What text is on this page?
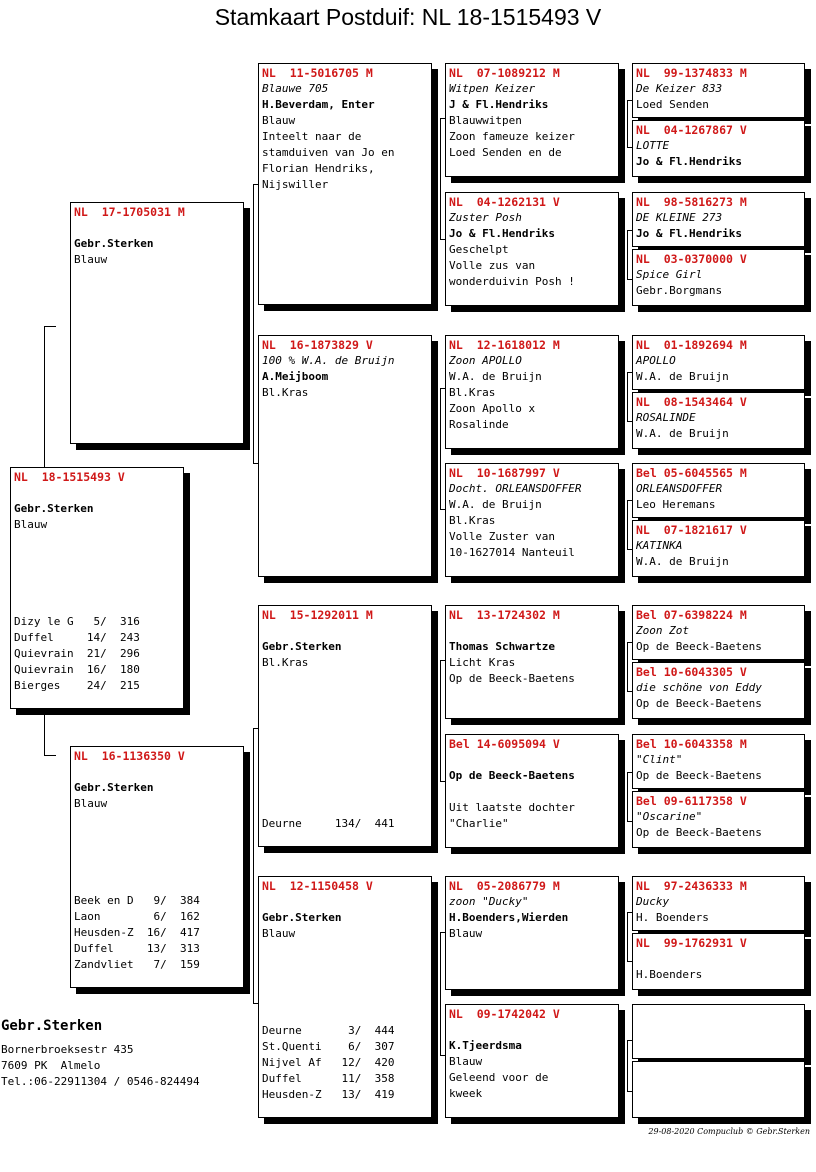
Stamkaart Postduif: NL 18-1515493 V
NL  18-1515493 V
Gebr.Sterken
Blauw
Dizy le G   5/  316
Duffel     14/  243
Quievrain  21/  296
Quievrain  16/  180
Bierges    24/  215
NL  17-1705031 M
Gebr.Sterken
Blauw
NL  16-1136350 V
Gebr.Sterken
Blauw
Beek en D   9/  384
Laon        6/  162
Heusden-Z  16/  417
Duffel     13/  313
Zandvliet   7/  159
NL  11-5016705 M
Blauwe 705
H.Beverdam, Enter
Blauw
Inteelt naar de
stamduiven van Jo en
Florian Hendriks,
Nijswiller
NL  16-1873829 V
100 % W.A. de Bruijn
A.Meijboom
Bl.Kras
NL  15-1292011 M
Gebr.Sterken
Bl.Kras
Deurne     134/  441
NL  12-1150458 V
Gebr.Sterken
Blauw
Deurne       3/  444
St.Quenti    6/  307
Nijvel Af   12/  420
Duffel      11/  358
Heusden-Z   13/  419
NL  07-1089212 M
Witpen Keizer
J & Fl.Hendriks
Blauwwitpen
Zoon fameuze keizer
Loed Senden en de
NL  04-1262131 V
Zuster Posh
Jo & Fl.Hendriks
Geschelpt
Volle zus van
wonderduivin Posh !
NL  12-1618012 M
Zoon APOLLO
W.A. de Bruijn
Bl.Kras
Zoon Apollo x
Rosalinde
NL  10-1687997 V
Docht. ORLEANSDOFFER
W.A. de Bruijn
Bl.Kras
Volle Zuster van
10-1627014 Nanteuil
NL  13-1724302 M
Thomas Schwartze
Licht Kras
Op de Beeck-Baetens
Bel 14-6095094 V
Op de Beeck-Baetens
Uit laatste dochter
"Charlie"
NL  05-2086779 M
zoon "Ducky"
H.Boenders,Wierden
Blauw
NL  09-1742042 V
K.Tjeerdsma
Blauw
Geleend voor de
kweek
NL  99-1374833 M
De Keizer 833
Loed Senden
NL  04-1267867 V
LOTTE
Jo & Fl.Hendriks
NL  98-5816273 M
DE KLEINE 273
Jo & Fl.Hendriks
NL  03-0370000 V
Spice Girl
Gebr.Borgmans
NL  01-1892694 M
APOLLO
W.A. de Bruijn
NL  08-1543464 V
ROSALINDE
W.A. de Bruijn
Bel 05-6045565 M
ORLEANSDOFFER
Leo Heremans
NL  07-1821617 V
KATINKA
W.A. de Bruijn
Bel 07-6398224 M
Zoon Zot
Op de Beeck-Baetens
Bel 10-6043305 V
die schöne von Eddy
Op de Beeck-Baetens
Bel 10-6043358 M
"Clint"
Op de Beeck-Baetens
Bel 09-6117358 V
"Oscarine"
Op de Beeck-Baetens
NL  97-2436333 M
Ducky
H. Boenders
NL  99-1762931 V
H.Boenders
Gebr.Sterken
Bornerbroeksestr 435
7609 PK  Almelo
Tel.:06-22911304 / 0546-824494
29-08-2020 Compuclub © Gebr.Sterken
